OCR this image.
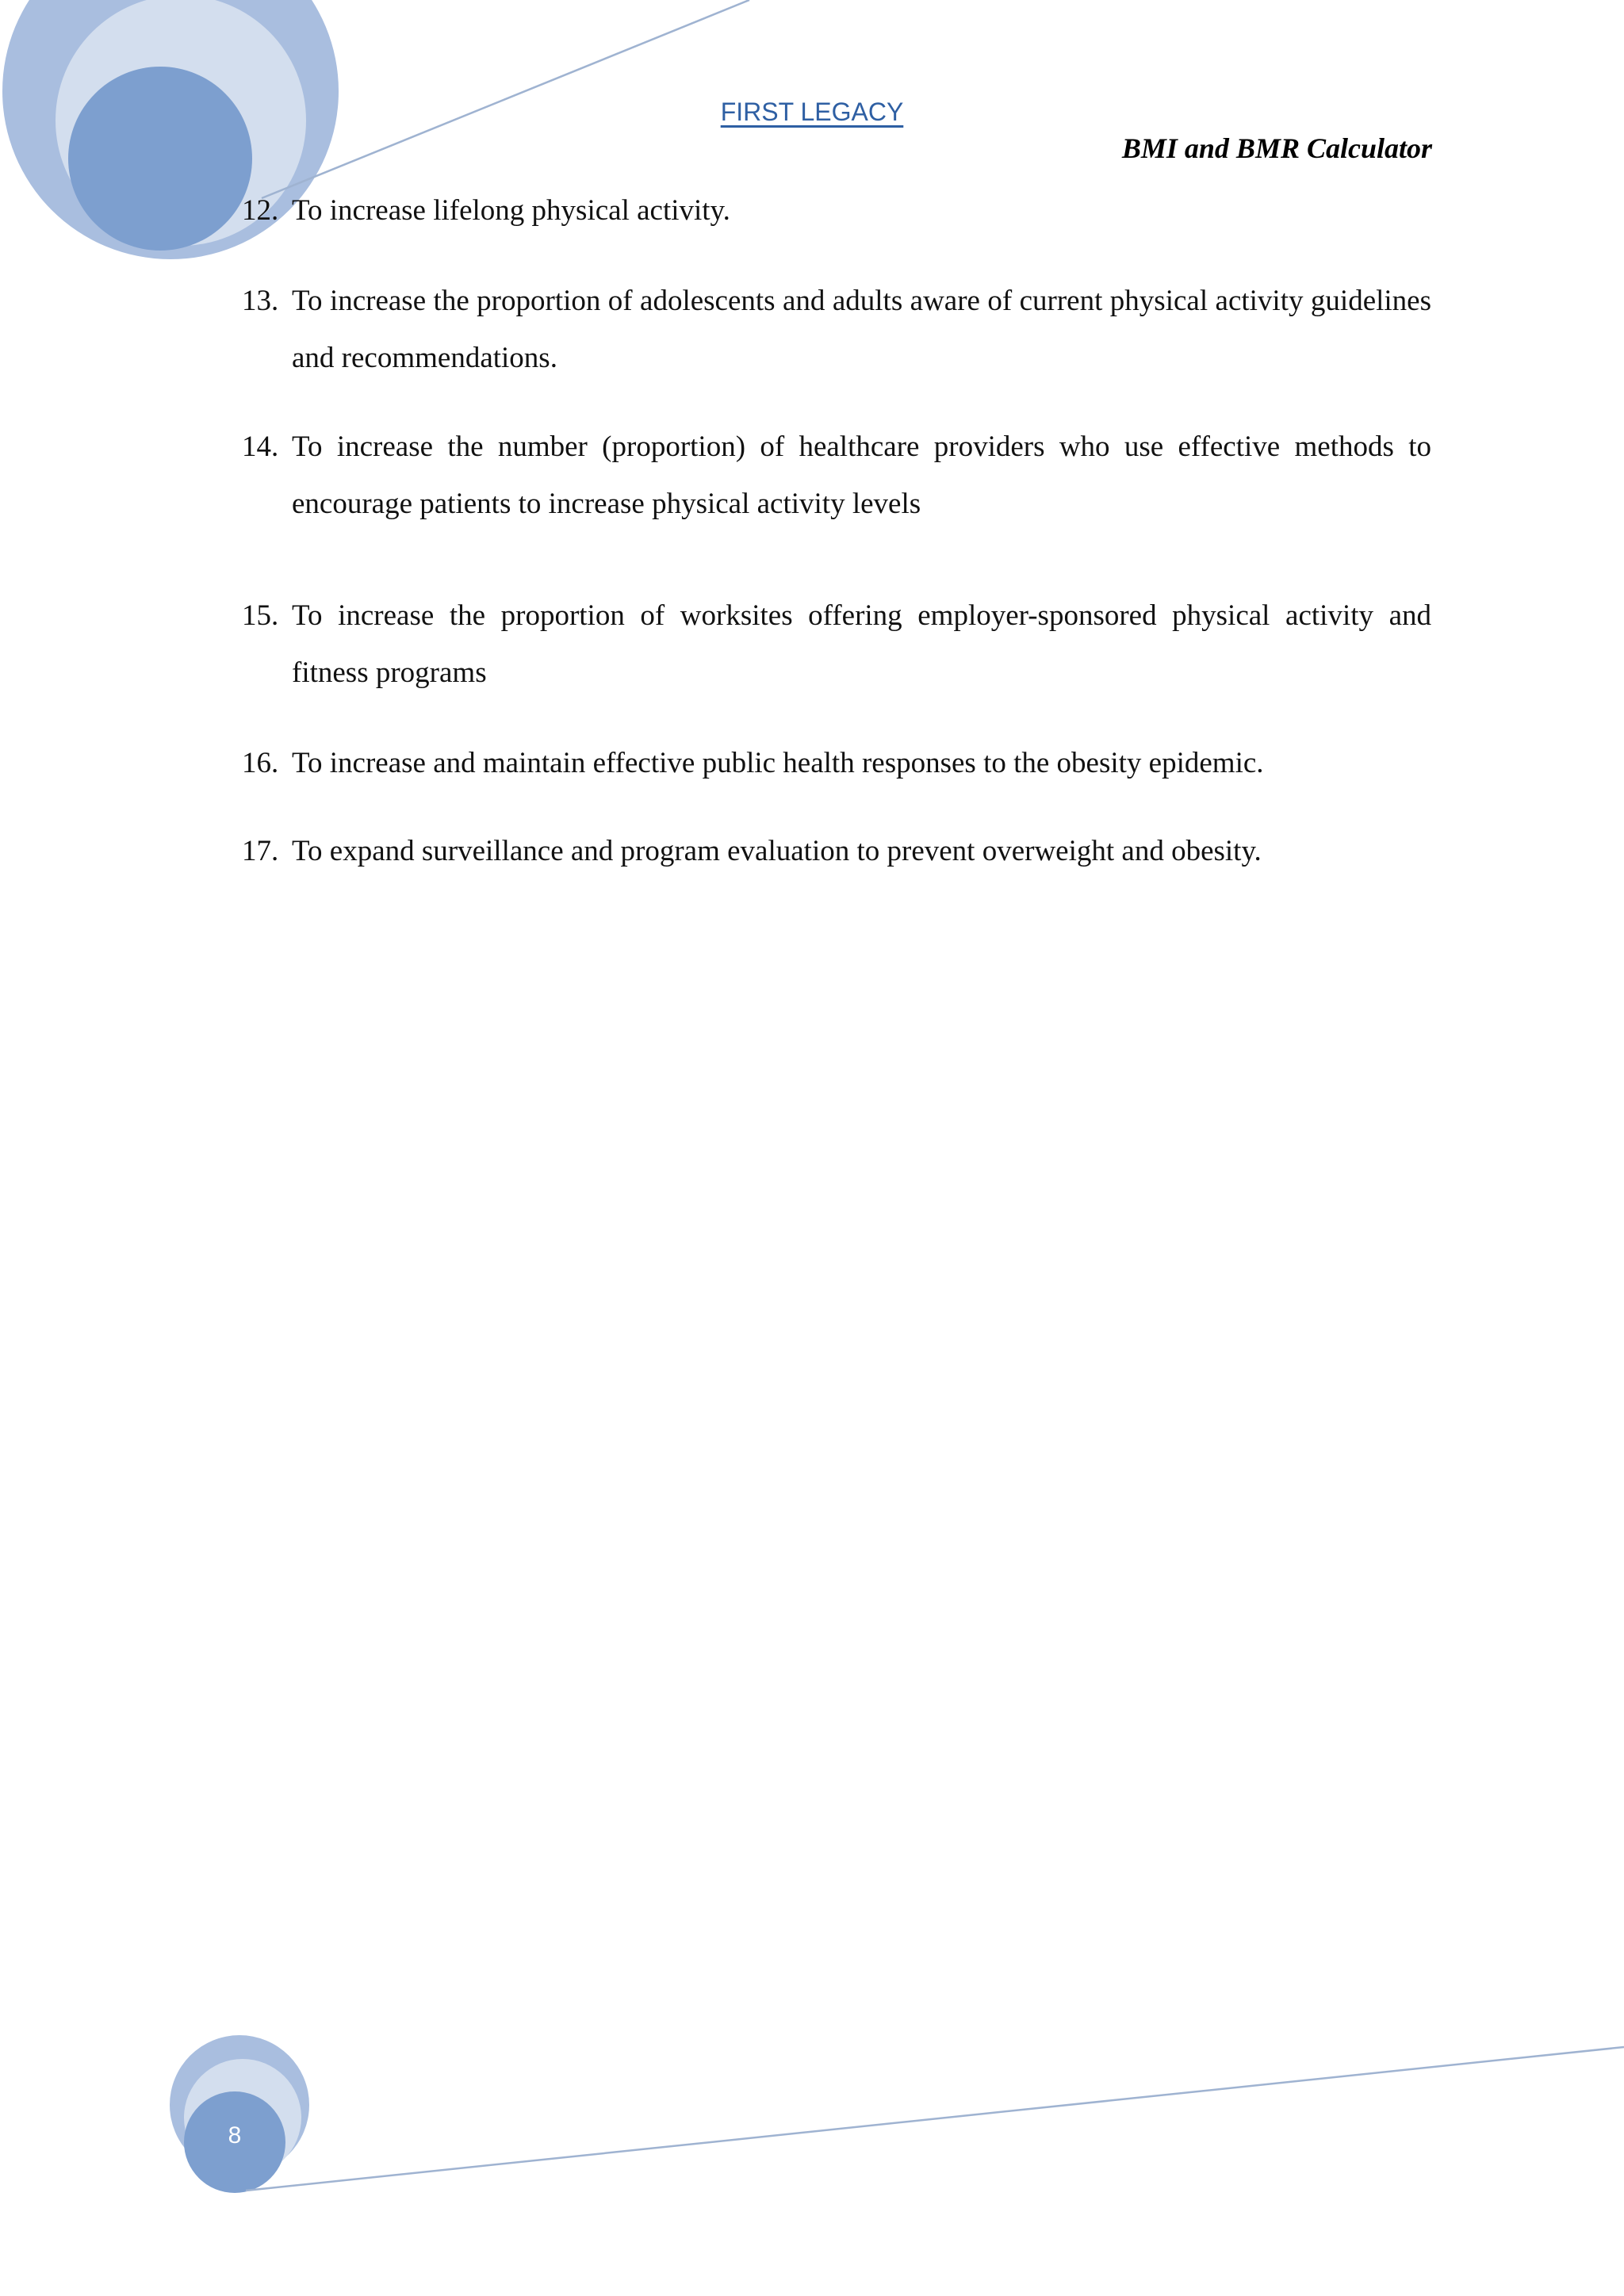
FIRST LEGACY

BMI and BMR Calculator

12. To increase lifelong physical activity.
13. To increase the proportion of adolescents and adults aware of current physical activity guidelines and recommendations.
14. To increase the number (proportion) of healthcare providers who use effective methods to encourage patients to increase physical activity levels
15. To increase the proportion of worksites offering employer-sponsored physical activity and fitness programs
16. To increase and maintain effective public health responses to the obesity epidemic.
17. To expand surveillance and program evaluation to prevent overweight and obesity.
8
